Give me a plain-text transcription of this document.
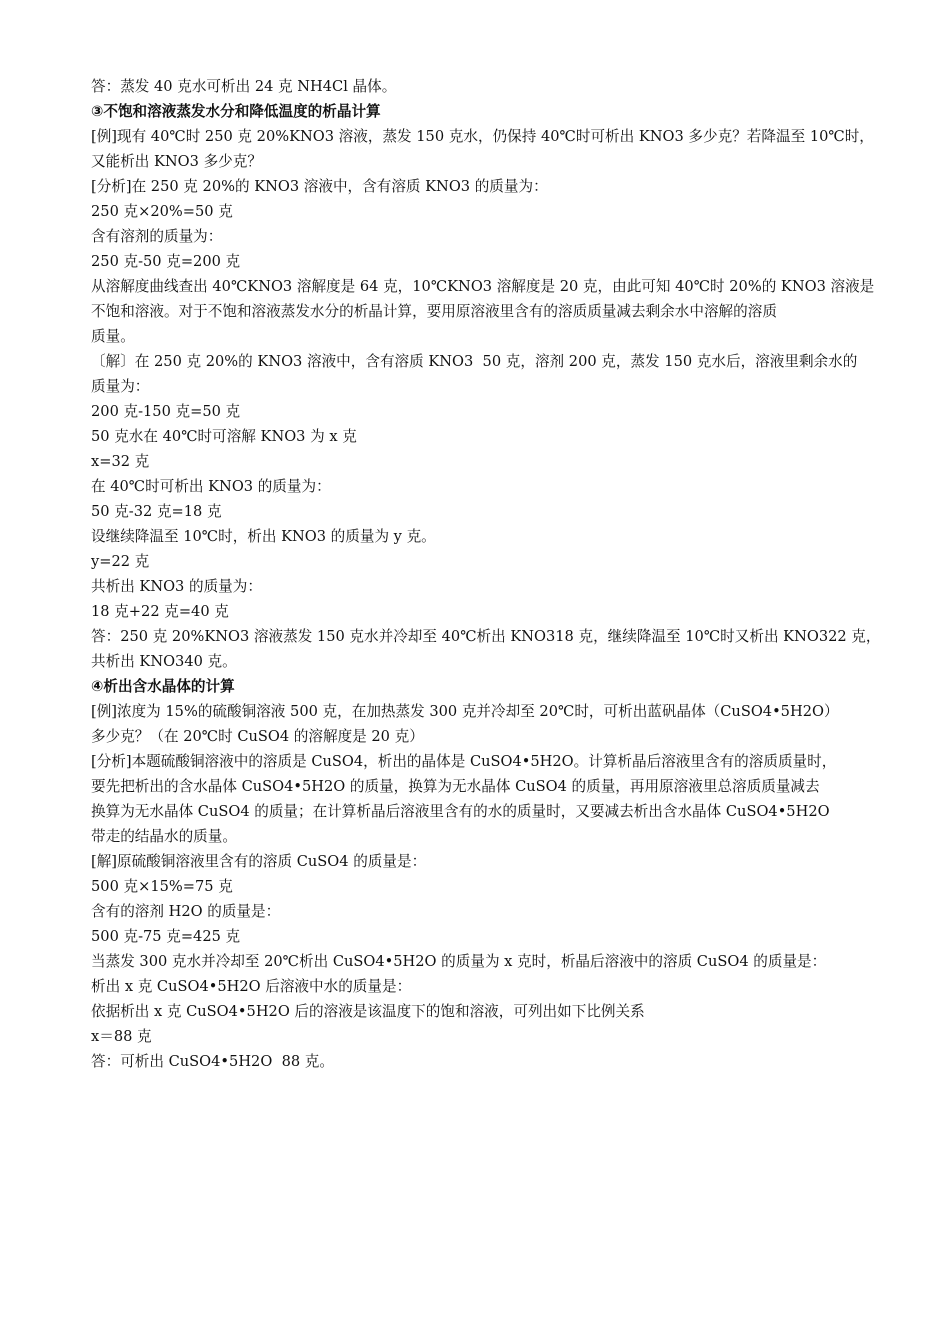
答：蒸发 40 克水可析出 24 克 NH4Cl 晶体。
③不饱和溶液蒸发水分和降低温度的析晶计算
[例]现有 40℃时 250 克 20%KNO3 溶液，蒸发 150 克水，仍保持 40℃时可析出 KNO3 多少克？若降温至 10℃时，
又能析出 KNO3 多少克？
[分析]在 250 克 20%的 KNO3 溶液中，含有溶质 KNO3 的质量为：
250 克×20%=50 克
含有溶剂的质量为：
250 克-50 克=200 克
从溶解度曲线查出 40℃KNO3 溶解度是 64 克，10℃KNO3 溶解度是 20 克，由此可知 40℃时 20%的 KNO3 溶液是
不饱和溶液。对于不饱和溶液蒸发水分的析晶计算，要用原溶液里含有的溶质质量减去剩余水中溶解的溶质
质量。
〔解〕在 250 克 20%的 KNO3 溶液中，含有溶质 KNO3  50 克，溶剂 200 克，蒸发 150 克水后，溶液里剩余水的
质量为：
200 克-150 克=50 克
50 克水在 40℃时可溶解 KNO3 为 x 克
x=32 克
在 40℃时可析出 KNO3 的质量为：
50 克-32 克=18 克
设继续降温至 10℃时，析出 KNO3 的质量为 y 克。
y=22 克
共析出 KNO3 的质量为：
18 克+22 克=40 克
答：250 克 20%KNO3 溶液蒸发 150 克水并冷却至 40℃析出 KNO318 克，继续降温至 10℃时又析出 KNO322 克，
共析出 KNO340 克。
④析出含水晶体的计算
[例]浓度为 15%的硫酸铜溶液 500 克，在加热蒸发 300 克并冷却至 20℃时，可析出蓝矾晶体（CuSO4•5H2O）
多少克？（在 20℃时 CuSO4 的溶解度是 20 克）
[分析]本题硫酸铜溶液中的溶质是 CuSO4，析出的晶体是 CuSO4•5H2O。计算析晶后溶液里含有的溶质质量时，
要先把析出的含水晶体 CuSO4•5H2O 的质量，换算为无水晶体 CuSO4 的质量，再用原溶液里总溶质质量减去
换算为无水晶体 CuSO4 的质量；在计算析晶后溶液里含有的水的质量时，又要减去析出含水晶体 CuSO4•5H2O
带走的结晶水的质量。
[解]原硫酸铜溶液里含有的溶质 CuSO4 的质量是：
500 克×15%=75 克
含有的溶剂 H2O 的质量是：
500 克-75 克=425 克
当蒸发 300 克水并冷却至 20℃析出 CuSO4•5H2O 的质量为 x 克时，析晶后溶液中的溶质 CuSO4 的质量是：
析出 x 克 CuSO4•5H2O 后溶液中水的质量是：
依据析出 x 克 CuSO4•5H2O 后的溶液是该温度下的饱和溶液，可列出如下比例关系
x＝88 克
答：可析出 CuSO4•5H2O  88 克。
